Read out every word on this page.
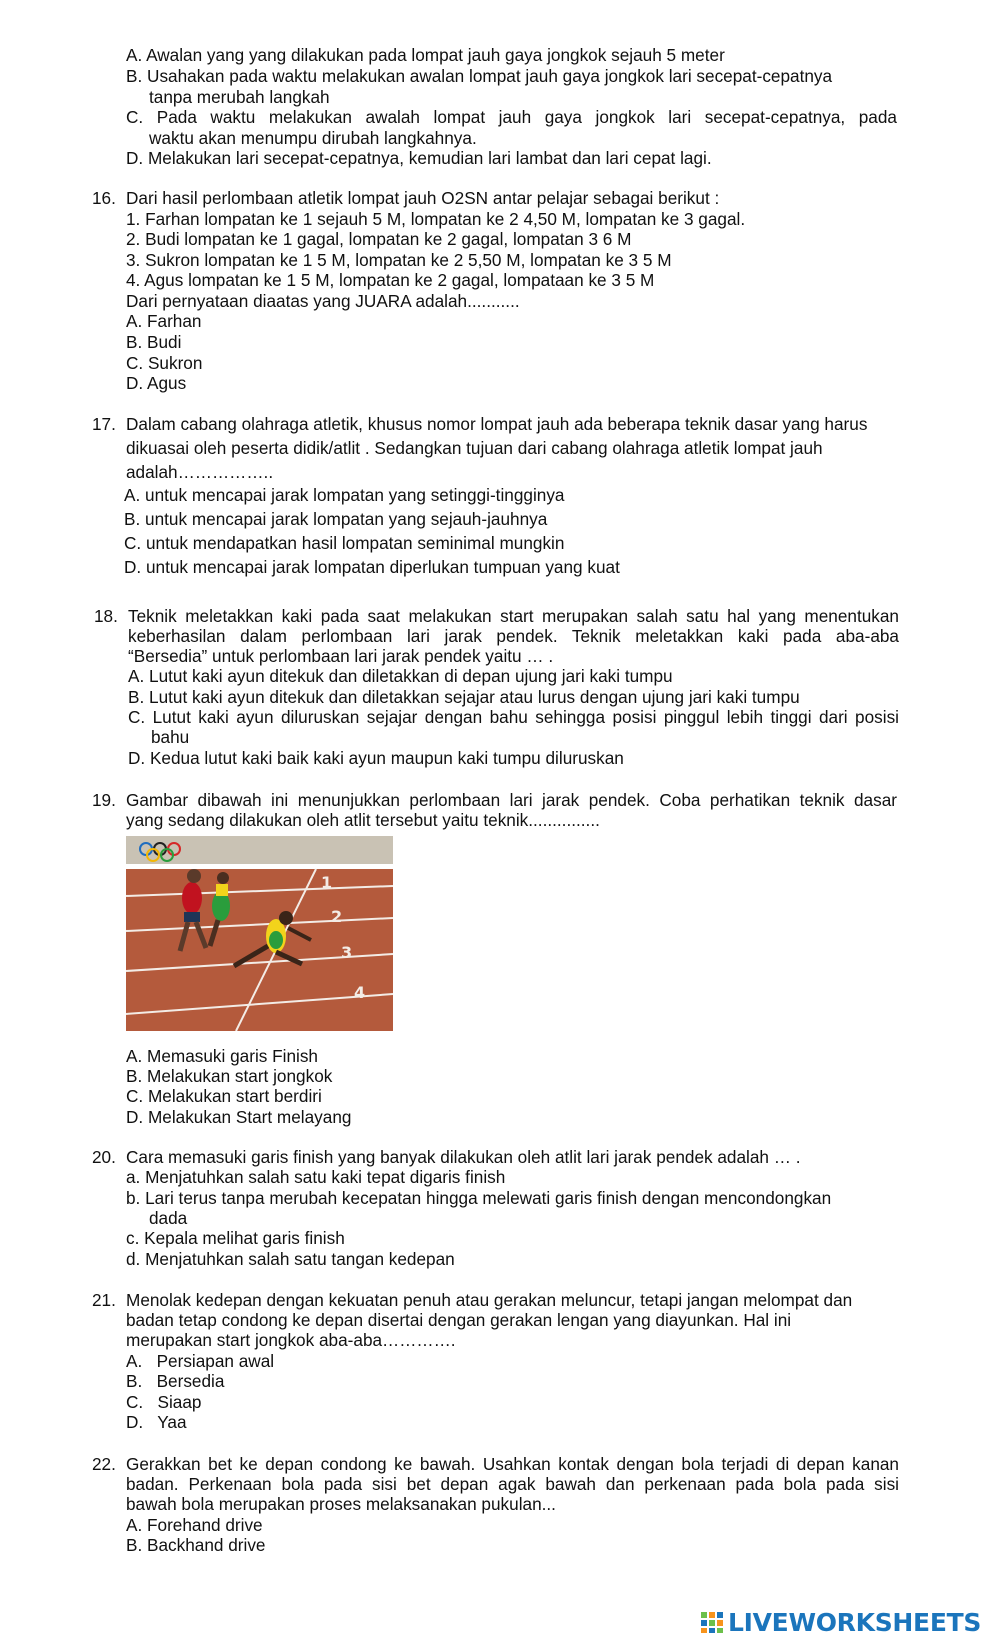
A. Awalan yang yang dilakukan pada lompat jauh gaya jongkok sejauh 5 meter
B. Usahakan pada waktu melakukan awalan lompat jauh gaya jongkok lari secepat-cepatnya
tanpa merubah langkah
C. Pada waktu melakukan awalah lompat jauh gaya jongkok lari secepat-cepatnya, pada
waktu akan menumpu dirubah langkahnya.
D. Melakukan lari secepat-cepatnya, kemudian lari lambat dan lari cepat lagi.
16. Dari hasil perlombaan atletik lompat jauh O2SN antar pelajar sebagai berikut :
1. Farhan lompatan ke 1 sejauh 5 M, lompatan ke 2 4,50 M, lompatan ke 3 gagal.
2. Budi lompatan ke 1 gagal, lompatan ke 2 gagal, lompatan 3 6 M
3. Sukron lompatan ke 1 5 M, lompatan ke 2 5,50 M, lompatan ke 3 5 M
4. Agus lompatan ke 1 5 M, lompatan ke 2 gagal, lompataan ke 3 5 M
Dari pernyataan diaatas yang JUARA adalah...........
A. Farhan
B. Budi
C. Sukron
D. Agus
17. Dalam cabang olahraga atletik, khusus nomor lompat jauh ada beberapa teknik dasar yang harus
dikuasai oleh peserta didik/atlit . Sedangkan tujuan dari cabang olahraga atletik lompat jauh
adalah……………..
A. untuk mencapai jarak lompatan yang setinggi-tingginya
B. untuk mencapai jarak lompatan yang sejauh-jauhnya
C. untuk mendapatkan hasil lompatan seminimal mungkin
D. untuk mencapai jarak lompatan diperlukan tumpuan yang kuat
18. Teknik meletakkan kaki pada saat melakukan start merupakan salah satu hal yang menentukan
keberhasilan dalam perlombaan lari jarak pendek. Teknik meletakkan kaki pada aba-aba
“Bersedia” untuk perlombaan lari jarak pendek yaitu … .
A. Lutut kaki ayun ditekuk dan diletakkan di depan ujung jari kaki tumpu
B. Lutut kaki ayun ditekuk dan diletakkan sejajar atau lurus dengan ujung jari kaki tumpu
C. Lutut kaki ayun diluruskan sejajar dengan bahu sehingga posisi pinggul lebih tinggi dari posisi
bahu
D. Kedua lutut kaki baik kaki ayun maupun kaki tumpu diluruskan
19. Gambar dibawah ini menunjukkan perlombaan lari jarak pendek. Coba perhatikan teknik dasar
yang sedang dilakukan oleh atlit tersebut yaitu teknik...............
1
2
3
4
A. Memasuki garis Finish
B. Melakukan start jongkok
C. Melakukan start berdiri
D. Melakukan Start melayang
20. Cara memasuki garis finish yang banyak dilakukan oleh atlit lari jarak pendek adalah … .
a. Menjatuhkan salah satu kaki tepat digaris finish
b. Lari terus tanpa merubah kecepatan hingga melewati garis finish dengan mencondongkan
dada
c. Kepala melihat garis finish
d. Menjatuhkan salah satu tangan kedepan
21. Menolak kedepan dengan kekuatan penuh atau gerakan meluncur, tetapi jangan melompat dan
badan tetap condong ke depan disertai dengan gerakan lengan yang diayunkan. Hal ini
merupakan start jongkok aba-aba………….
A. Persiapan awal
B. Bersedia
C. Siaap
D. Yaa
22. Gerakkan bet ke depan condong ke bawah. Usahkan kontak dengan bola terjadi di depan kanan
badan. Perkenaan bola pada sisi bet depan agak bawah dan perkenaan pada bola pada sisi
bawah bola merupakan proses melaksanakan pukulan...
A. Forehand drive
B. Backhand drive
LIVEWORKSHEETS
